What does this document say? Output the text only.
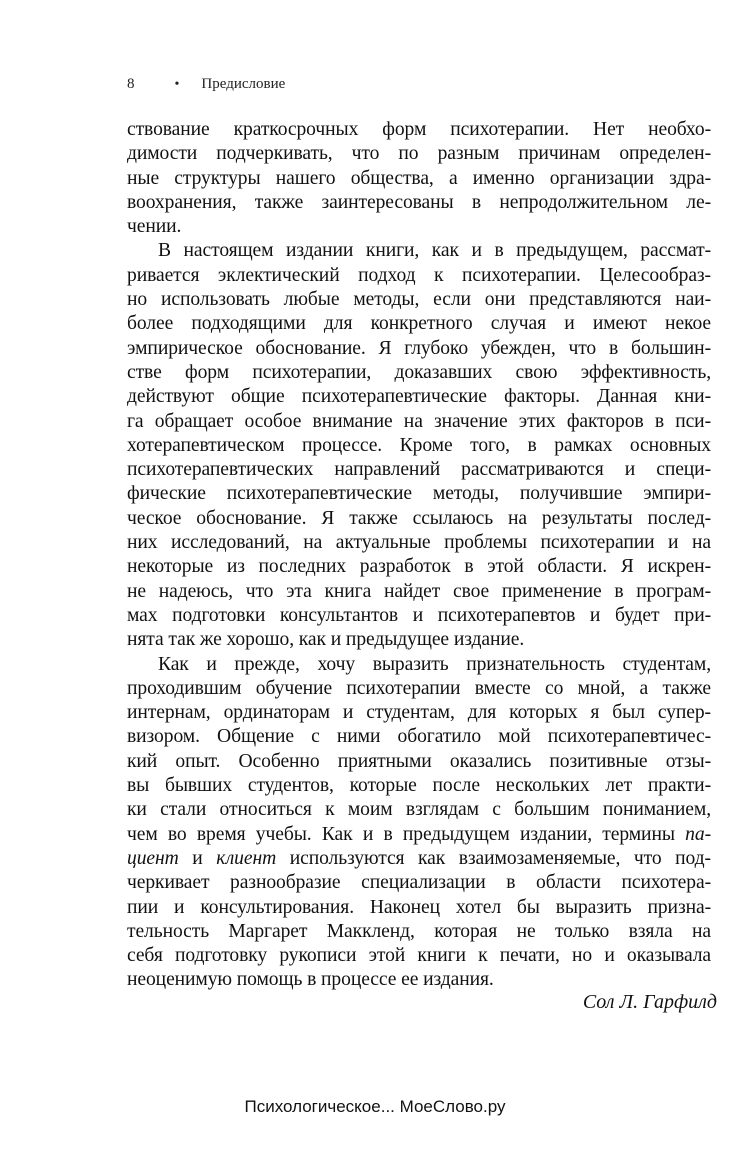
8	• Предисловие
ствование краткосрочных форм психотерапии. Нет необхо-
димости подчеркивать, что по разным причинам определен-
ные структуры нашего общества, а именно организации здра-
воохранения, также заинтересованы в непродолжительном ле-
чении.
В настоящем издании книги, как и в предыдущем, рассмат-
ривается эклектический подход к психотерапии. Целесообраз-
но использовать любые методы, если они представляются наи-
более подходящими для конкретного случая и имеют некое
эмпирическое обоснование. Я глубоко убежден, что в большин-
стве форм психотерапии, доказавших свою эффективность,
действуют общие психотерапевтические факторы. Данная кни-
га обращает особое внимание на значение этих факторов в пси-
хотерапевтическом процессе. Кроме того, в рамках основных
психотерапевтических направлений рассматриваются и специ-
фические психотерапевтические методы, получившие эмпири-
ческое обоснование. Я также ссылаюсь на результаты послед-
них исследований, на актуальные проблемы психотерапии и на
некоторые из последних разработок в этой области. Я искрен-
не надеюсь, что эта книга найдет свое применение в програм-
мах подготовки консультантов и психотерапевтов и будет при-
нята так же хорошо, как и предыдущее издание.
Как и прежде, хочу выразить признательность студентам,
проходившим обучение психотерапии вместе со мной, а также
интернам, ординаторам и студентам, для которых я был супер-
визором. Общение с ними обогатило мой психотерапевтичес-
кий опыт. Особенно приятными оказались позитивные отзы-
вы бывших студентов, которые после нескольких лет практи-
ки стали относиться к моим взглядам с большим пониманием,
чем во время учебы. Как и в предыдущем издании, термины па-
циент и клиент используются как взаимозаменяемые, что под-
черкивает разнообразие специализации в области психотера-
пии и консультирования. Наконец хотел бы выразить призна-
тельность Маргарет Маккленд, которая не только взяла на
себя подготовку рукописи этой книги к печати, но и оказывала
неоценимую помощь в процессе ее издания.
Сол Л. Гарфилд
Психологическое... МоеСлово.ру
